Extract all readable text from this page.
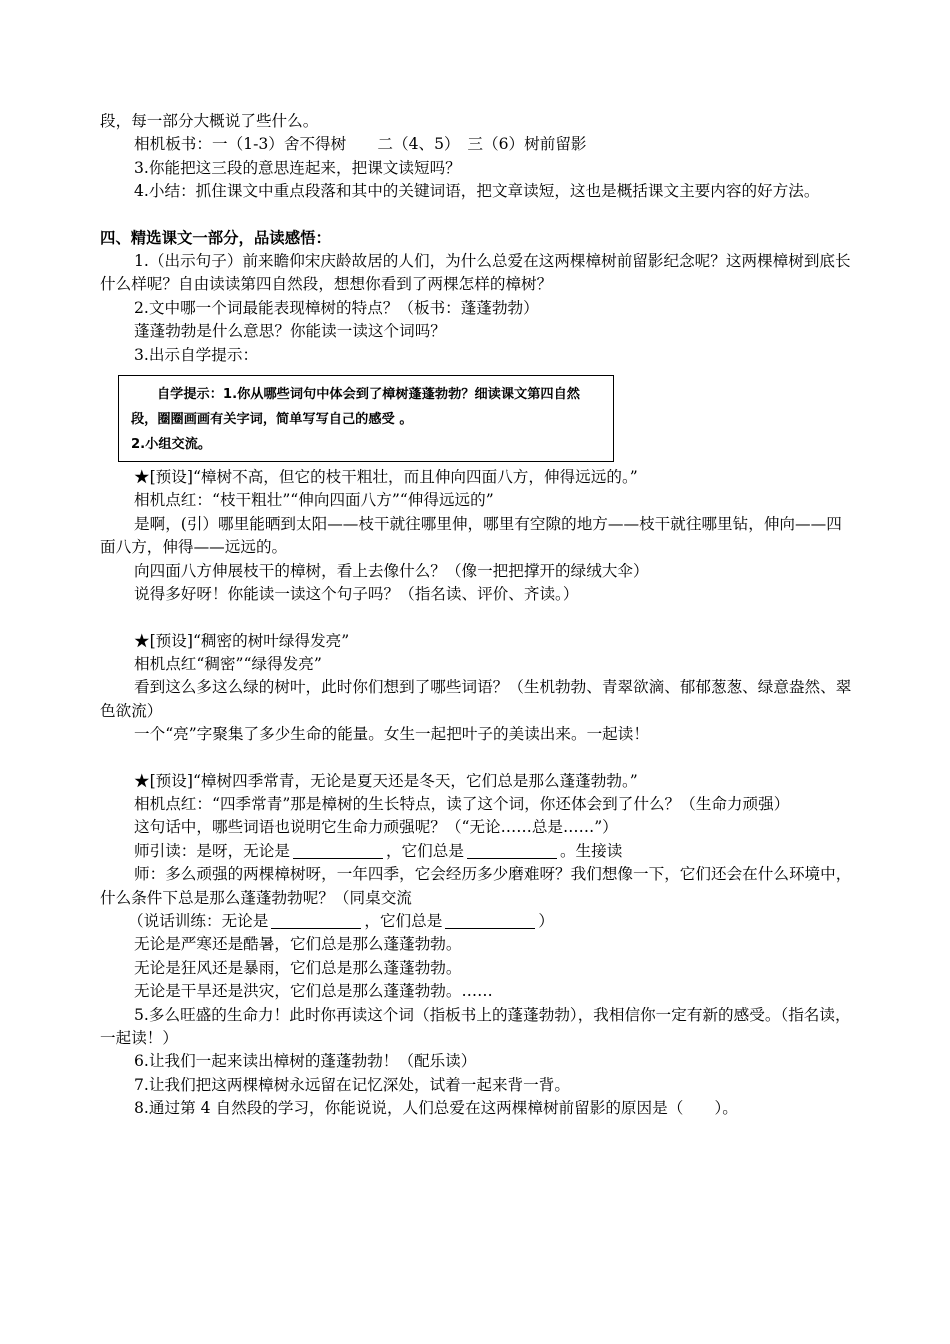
段，每一部分大概说了些什么。

相机板书：一（1-3）舍不得树　　二（4、5）　三（6）树前留影

3.你能把这三段的意思连起来，把课文读短吗？

4.小结：抓住课文中重点段落和其中的关键词语，把文章读短，这也是概括课文主要内容的好方法。

四、精选课文一部分，品读感悟：

1.（出示句子）前来瞻仰宋庆龄故居的人们，为什么总爱在这两棵樟树前留影纪念呢？这两棵樟树到底长什么样呢？自由读读第四自然段，想想你看到了两棵怎样的樟树？

2.文中哪一个词最能表现樟树的特点？（板书：蓬蓬勃勃）

蓬蓬勃勃是什么意思？你能读一读这个词吗？

3.出示自学提示：

自学提示：1.你从哪些词句中体会到了樟树蓬蓬勃勃？细读课文第四自然段，圈圈画画有关字词，简单写写自己的感受 。

2.小组交流。

★[预设]“樟树不高，但它的枝干粗壮，而且伸向四面八方，伸得远远的。”

相机点红：“枝干粗壮”“伸向四面八方”“伸得远远的”

是啊，(引）哪里能晒到太阳——枝干就往哪里伸，哪里有空隙的地方——枝干就往哪里钻，伸向——四面八方，伸得——远远的。

向四面八方伸展枝干的樟树，看上去像什么？（像一把把撑开的绿绒大伞）

说得多好呀！你能读一读这个句子吗？（指名读、评价、齐读。）

★[预设]“稠密的树叶绿得发亮”

相机点红“稠密”“绿得发亮”

看到这么多这么绿的树叶，此时你们想到了哪些词语？（生机勃勃、青翠欲滴、郁郁葱葱、绿意盎然、翠色欲流）

一个“亮”字聚集了多少生命的能量。女生一起把叶子的美读出来。一起读！

★[预设]“樟树四季常青，无论是夏天还是冬天，它们总是那么蓬蓬勃勃。”

相机点红：“四季常青”那是樟树的生长特点，读了这个词，你还体会到了什么？（生命力顽强）

这句话中，哪些词语也说明它生命力顽强呢？（“无论……总是……”）

师引读：是呀，无论是	，它们总是	。生接读

师：多么顽强的两棵樟树呀，一年四季，它会经历多少磨难呀？我们想像一下，它们还会在什么环境中，什么条件下总是那么蓬蓬勃勃呢？（同桌交流

（说话训练：无论是	，它们总是	）

无论是严寒还是酷暑，它们总是那么蓬蓬勃勃。

无论是狂风还是暴雨，它们总是那么蓬蓬勃勃。

无论是干旱还是洪灾，它们总是那么蓬蓬勃勃。……

5.多么旺盛的生命力！此时你再读这个词（指板书上的蓬蓬勃勃），我相信你一定有新的感受。（指名读，一起读！）

6.让我们一起来读出樟树的蓬蓬勃勃！（配乐读）

7.让我们把这两棵樟树永远留在记忆深处，试着一起来背一背。

8.通过第 4 自然段的学习，你能说说，人们总爱在这两棵樟树前留影的原因是（　　）。
